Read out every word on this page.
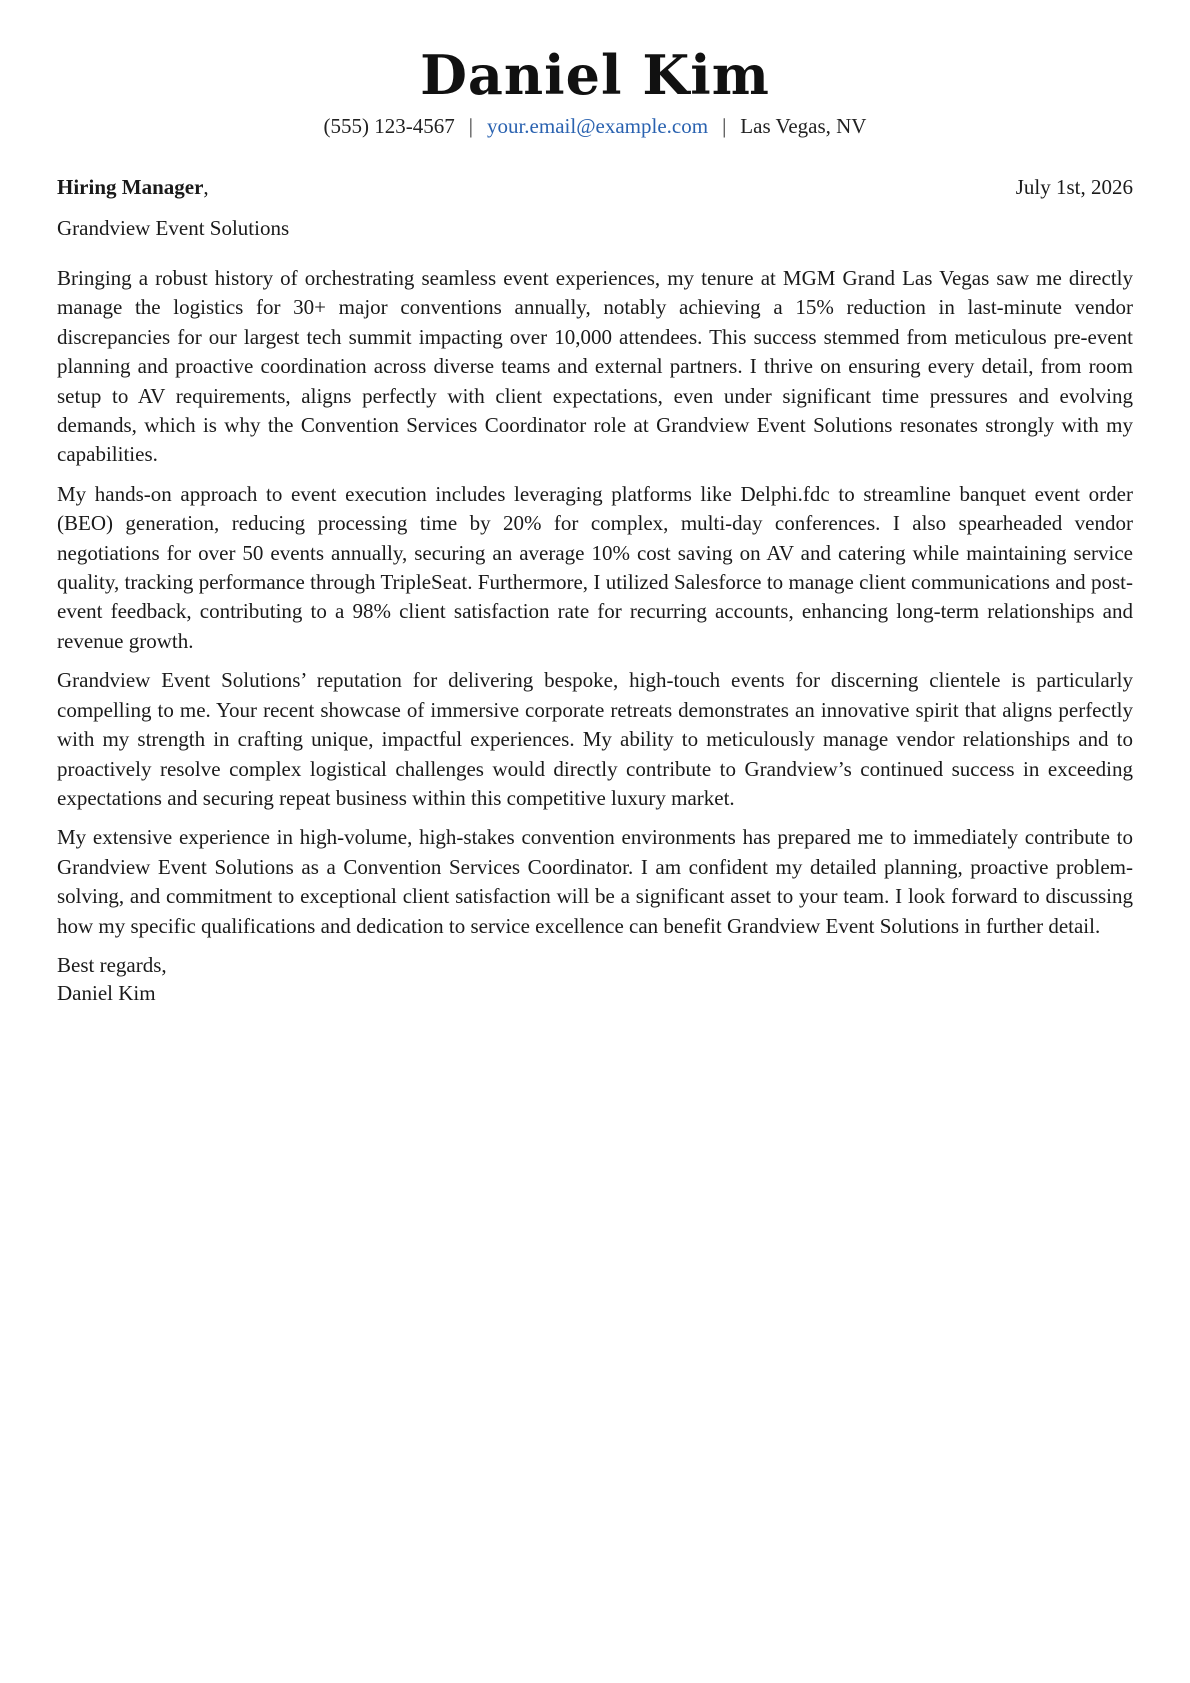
Daniel Kim
(555) 123-4567 | your.email@example.com | Las Vegas, NV
Hiring Manager,	July 1st, 2026
Grandview Event Solutions

Bringing a robust history of orchestrating seamless event experiences, my tenure at MGM Grand Las Vegas saw me directly manage the logistics for 30+ major conventions annually, notably achieving a 15% reduction in last-minute vendor discrepancies for our largest tech summit impacting over 10,000 attendees. This success stemmed from meticulous pre-event planning and proactive coordination across diverse teams and external partners. I thrive on ensuring every detail, from room setup to AV requirements, aligns perfectly with client expectations, even under significant time pressures and evolving demands, which is why the Convention Services Coordinator role at Grandview Event Solutions resonates strongly with my capabilities.

My hands-on approach to event execution includes leveraging platforms like Delphi.fdc to streamline banquet event order (BEO) generation, reducing processing time by 20% for complex, multi-day conferences. I also spearheaded vendor negotiations for over 50 events annually, securing an average 10% cost saving on AV and catering while maintaining service quality, tracking performance through TripleSeat. Furthermore, I utilized Salesforce to manage client communications and post-event feedback, contributing to a 98% client satisfaction rate for recurring accounts, enhancing long-term relationships and revenue growth.

Grandview Event Solutions’ reputation for delivering bespoke, high-touch events for discerning clientele is particularly compelling to me. Your recent showcase of immersive corporate retreats demonstrates an innovative spirit that aligns perfectly with my strength in crafting unique, impactful experiences. My ability to meticulously manage vendor relationships and to proactively resolve complex logistical challenges would directly contribute to Grandview’s continued success in exceeding expectations and securing repeat business within this competitive luxury market.

My extensive experience in high-volume, high-stakes convention environments has prepared me to immediately contribute to Grandview Event Solutions as a Convention Services Coordinator. I am confident my detailed planning, proactive problem-solving, and commitment to exceptional client satisfaction will be a significant asset to your team. I look forward to discussing how my specific qualifications and dedication to service excellence can benefit Grandview Event Solutions in further detail.

Best regards,
Daniel Kim
